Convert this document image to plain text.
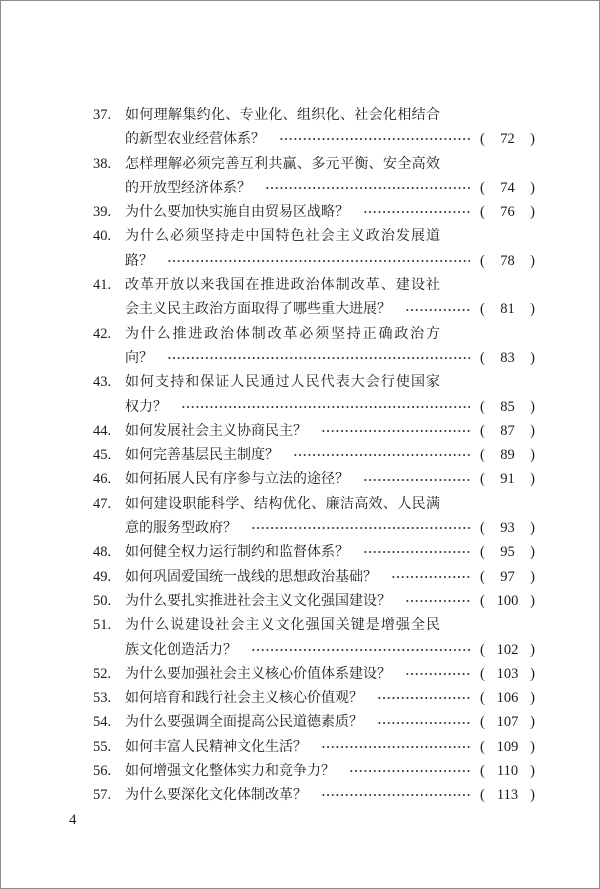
37. 如何理解集约化、专业化、组织化、社会化相结合
的新型农业经营体系？	( 72 )
38. 怎样理解必须完善互利共赢、多元平衡、安全高效
的开放型经济体系？	( 74 )
39. 为什么要加快实施自由贸易区战略？	( 76 )
40. 为什么必须坚持走中国特色社会主义政治发展道
路？	( 78 )
41. 改革开放以来我国在推进政治体制改革、建设社
会主义民主政治方面取得了哪些重大进展？	( 81 )
42. 为什么推进政治体制改革必须坚持正确政治方
向？	( 83 )
43. 如何支持和保证人民通过人民代表大会行使国家
权力？	( 85 )
44. 如何发展社会主义协商民主？	( 87 )
45. 如何完善基层民主制度？	( 89 )
46. 如何拓展人民有序参与立法的途径？	( 91 )
47. 如何建设职能科学、结构优化、廉洁高效、人民满
意的服务型政府？	( 93 )
48. 如何健全权力运行制约和监督体系？	( 95 )
49. 如何巩固爱国统一战线的思想政治基础？	( 97 )
50. 为什么要扎实推进社会主义文化强国建设？	( 100 )
51. 为什么说建设社会主义文化强国关键是增强全民
族文化创造活力？	( 102 )
52. 为什么要加强社会主义核心价值体系建设？	( 103 )
53. 如何培育和践行社会主义核心价值观？	( 106 )
54. 为什么要强调全面提高公民道德素质？	( 107 )
55. 如何丰富人民精神文化生活？	( 109 )
56. 如何增强文化整体实力和竞争力？	( 110 )
57. 为什么要深化文化体制改革？	( 113 )
4
